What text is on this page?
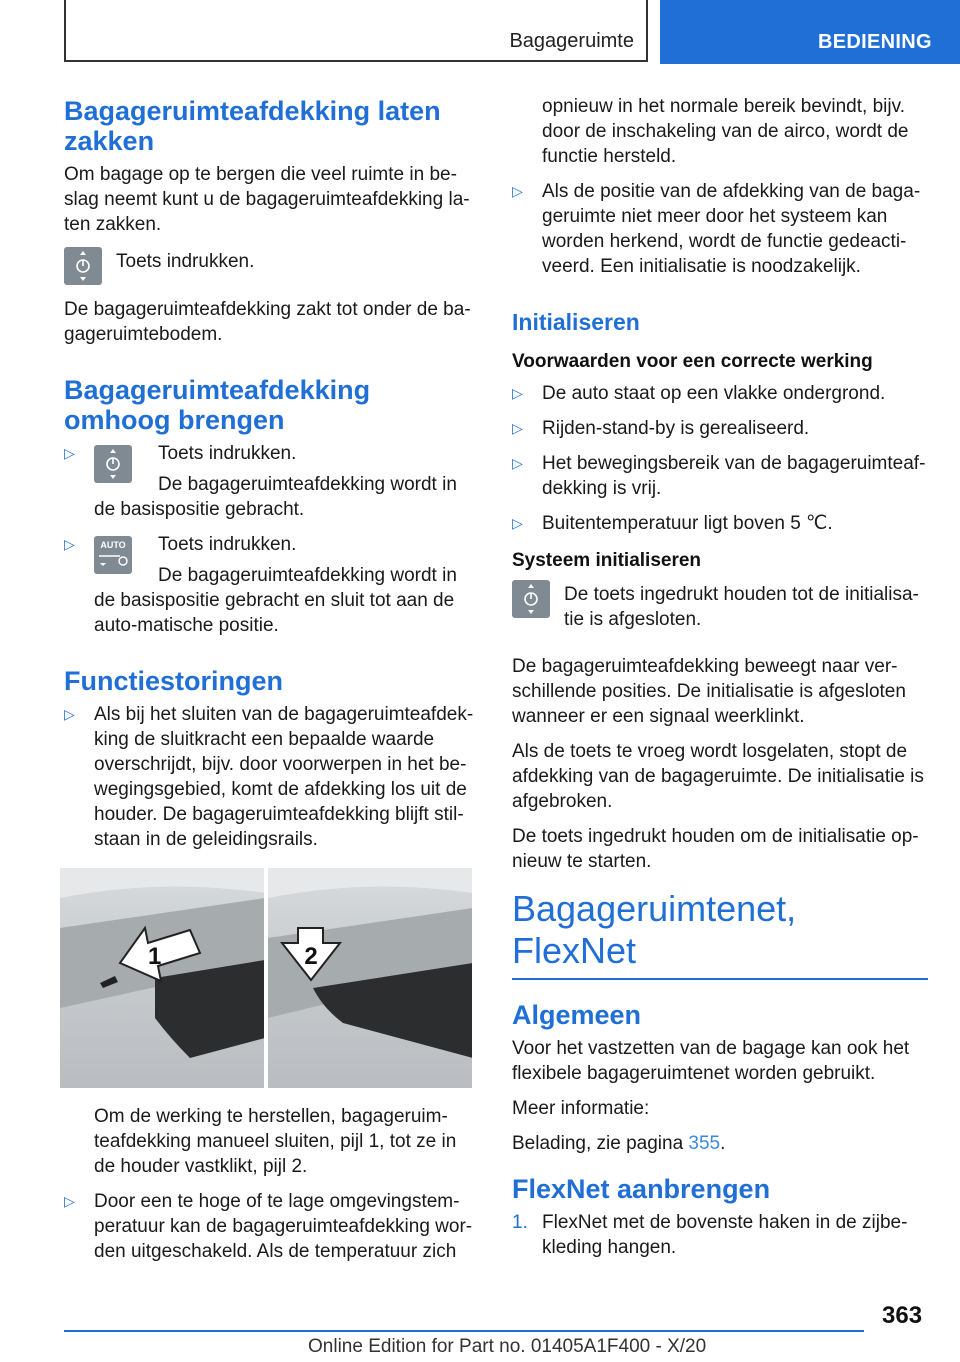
Bagageruimte	BEDIENING
Bagageruimteafdekking laten zakken

Om bagage op te bergen die veel ruimte in be-slag neemt kunt u de bagageruimteafdekking la-ten zakken.

Toets indrukken.

De bagageruimteafdekking zakt tot onder de ba-gageruimtebodem.

Bagageruimteafdekking omhoog brengen
▷	Toets indrukken.
De bagageruimteafdekking wordt in de basispositie gebracht.
▷	AUTO	Toets indrukken.
De bagageruimteafdekking wordt in de basispositie gebracht en sluit tot aan de auto-matische positie.
Functiestoringen
▷	Als bij het sluiten van de bagageruimteafdek-king de sluitkracht een bepaalde waarde overschrijdt, bijv. door voorwerpen in het be-wegingsgebied, komt de afdekking los uit de houder. De bagageruimteafdekking blijft stil-staan in de geleidingsrails.
1	2

Om de werking te herstellen, bagageruim-teafdekking manueel sluiten, pijl 1, tot ze in de houder vastklikt, pijl 2.

▷	Door een te hoge of te lage omgevingstem-peratuur kan de bagageruimteafdekking wor-den uitgeschakeld. Als de temperatuur zich

opnieuw in het normale bereik bevindt, bijv. door de inschakeling van de airco, wordt de functie hersteld.

▷	Als de positie van de afdekking van de baga-geruimte niet meer door het systeem kan worden herkend, wordt de functie gedeacti-veerd. Een initialisatie is noodzakelijk.
Initialiseren
Voorwaarden voor een correcte werking
▷	De auto staat op een vlakke ondergrond.
▷	Rijden-stand-by is gerealiseerd.
▷	Het bewegingsbereik van de bagageruimteaf-dekking is vrij.
▷	Buitentemperatuur ligt boven 5 ℃.
Systeem initialiseren

De toets ingedrukt houden tot de initialisa-tie is afgesloten.

De bagageruimteafdekking beweegt naar ver-schillende posities. De initialisatie is afgesloten wanneer er een signaal weerklinkt.

Als de toets te vroeg wordt losgelaten, stopt de afdekking van de bagageruimte. De initialisatie is afgebroken.

De toets ingedrukt houden om de initialisatie op-nieuw te starten.

Bagageruimtenet, FlexNet
Algemeen

Voor het vastzetten van de bagage kan ook het flexibele bagageruimtenet worden gebruikt.

Meer informatie:

Belading, zie pagina 355.

FlexNet aanbrengen
1. FlexNet met de bovenste haken in de zijbe-kleding hangen.
363
Online Edition for Part no. 01405A1F400 - X/20
